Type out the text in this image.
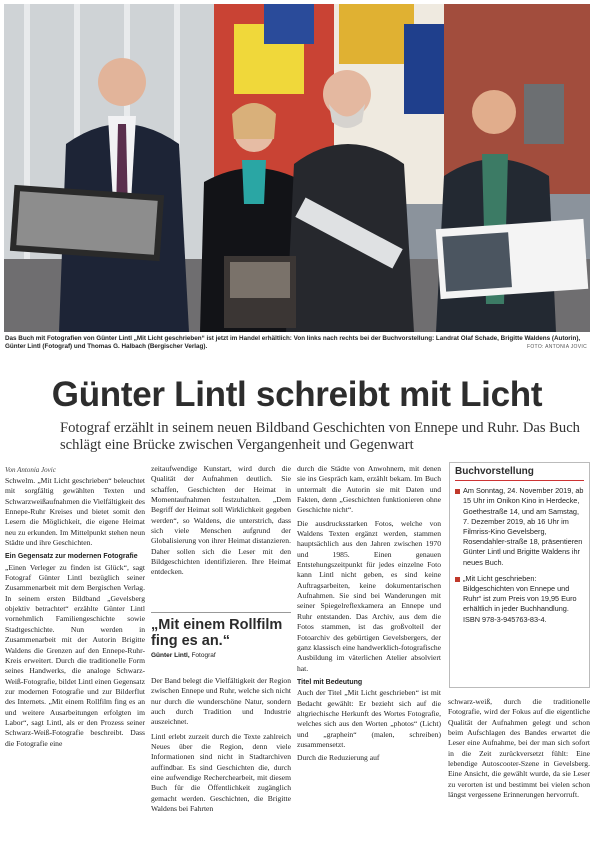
Das Buch mit Fotografien von Günter Lintl „Mit Licht geschrieben“ ist jetzt im Handel erhältlich: Von links nach rechts bei der Buchvorstellung: Landrat Olaf Schade, Brigitte Waldens (Autorin), Günter Lintl (Fotograf) und Thomas G. Halbach (Bergischer Verlag).	FOTO: ANTONIA JOVIC
Günter Lintl schreibt mit Licht
Fotograf erzählt in seinem neuen Bildband Geschichten von Ennepe und Ruhr. Das Buch schlägt eine Brücke zwischen Vergangenheit und Gegenwart
Von Antonia Jovic

Schwelm. „Mit Licht geschrieben“ beleuchtet mit sorgfältig gewählten Texten und Schwarzweißaufnahmen die Vielfältigkeit des Ennepe-Ruhr Kreises und bietet somit den Lesern die Möglichkeit, die eigene Heimat neu zu erkunden. Im Mittelpunkt stehen neun Städte und ihre Geschichten.

Ein Gegensatz zur modernen Fotografie

„Einen Verleger zu finden ist Glück“, sagt Fotograf Günter Lintl bezüglich seiner Zusammenarbeit mit dem Bergischen Verlag. In seinem ersten Bildband „Gevelsberg objektiv betrachtet“ erzählte Günter Lintl vornehmlich Familiengeschichte sowie Stadtgeschichte. Nun werden in Zusammenarbeit mit der Autorin Brigitte Waldens die Grenzen auf den Ennepe-Ruhr-Kreis erweitert. Durch die traditionelle Form seines Handwerks, die analoge Schwarz-Weiß-Fotografie, bildet Lintl einen Gegensatz zur modernen Fotografie und zur Bilderflut des Internets. „Mit einem Rollfilm fing es an und weitere Ausarbeitungen erfolgten im Labor“, sagt Lintl, als er den Prozess seiner Schwarz-Weiß-Fotografie beschreibt. Dass die Fotografie eine

zeitaufwendige Kunstart, wird durch die Qualität der Aufnahmen deutlich. Sie schaffen, Geschichten der Heimat in Momentaufnahmen festzuhalten. „Dem Begriff der Heimat soll Wirklichkeit gegeben werden“, so Waldens, die unterstrich, dass sich viele Menschen aufgrund der Globalisierung von ihrer Heimat distanzieren. Daher sollen sich die Leser mit den Bildgeschichten identifizieren. Ihre Heimat entdecken.

„Mit einem Rollfilm fing es an.“
Günter Lintl, Fotograf

Der Band belegt die Vielfältigkeit der Region zwischen Ennepe und Ruhr, welche sich nicht nur durch die wunderschöne Natur, sondern auch durch Tradition und Industrie auszeichnet.

Lintl erlebt zurzeit durch die Texte zahlreich Neues über die Region, denn viele Informationen sind nicht in Stadtarchiven auffindbar. Es sind Geschichten die, durch eine aufwendige Recherchearbeit, mit diesem Buch für die Öffentlichkeit zugänglich gemacht werden. Geschichten, die Brigitte Waldens bei Fahrten

durch die Städte von Anwohnern, mit denen sie ins Gespräch kam, erzählt bekam. Im Buch untermalt die Autorin sie mit Daten und Fakten, denn „Geschichten funktionieren ohne Geschichte nicht“.

Die ausdrucksstarken Fotos, welche von Waldens Texten ergänzt werden, stammen hauptsächlich aus den Jahren zwischen 1970 und 1985. Einen genauen Entstehungszeitpunkt für jedes einzelne Foto kann Lintl nicht geben, es sind keine Auftragsarbeiten, keine dokumentarischen Aufnahmen. Sie sind bei Wanderungen mit seiner Spiegelreflexkamera an Ennepe und Ruhr entstanden. Das Archiv, aus dem die Fotos stammen, ist das großvolteil der Fotoarchiv des gebürtigen Gevelsbergers, der ganz klassisch eine handwerklich-fotografische Ausbildung im väterlichen Atelier absolviert hat.

Titel mit Bedeutung

Auch der Titel „Mit Licht geschrieben“ ist mit Bedacht gewählt: Er bezieht sich auf die altgriechische Herkunft des Wortes Fotografie, welches sich aus den Worten „photos“ (Licht) und „graphein“ (malen, schreiben) zusammensetzt.

Durch die Reduzierung auf

Buchvorstellung
Am Sonntag, 24. November 2019, ab 15 Uhr im Onikon Kino in Herdecke, Goethestraße 14, und am Samstag, 7. Dezember 2019, ab 16 Uhr im Filmriss-Kino Gevelsberg, Rosendahler-straße 18, präsentieren Günter Lintl und Brigitte Waldens ihr neues Buch.
„Mit Licht geschrieben: Bildgeschichten von Ennepe und Ruhr“ ist zum Preis von 19,95 Euro erhältlich in jeder Buchhandlung. ISBN 978-3-945763-83-4.

schwarz-weiß, durch die traditionelle Fotografie, wird der Fokus auf die eigentliche Qualität der Aufnahmen gelegt und schon beim Aufschlagen des Bandes erwartet die Leser eine Aufnahme, bei der man sich sofort in die Zeit zurückversetzt fühlt: Eine lebendige Autoscooter-Szene in Gevelsberg. Eine Ansicht, die gewählt wurde, da sie Leser zu verorten ist und bestimmt bei vielen schon längst vergessene Erinnerungen hervorruft.
